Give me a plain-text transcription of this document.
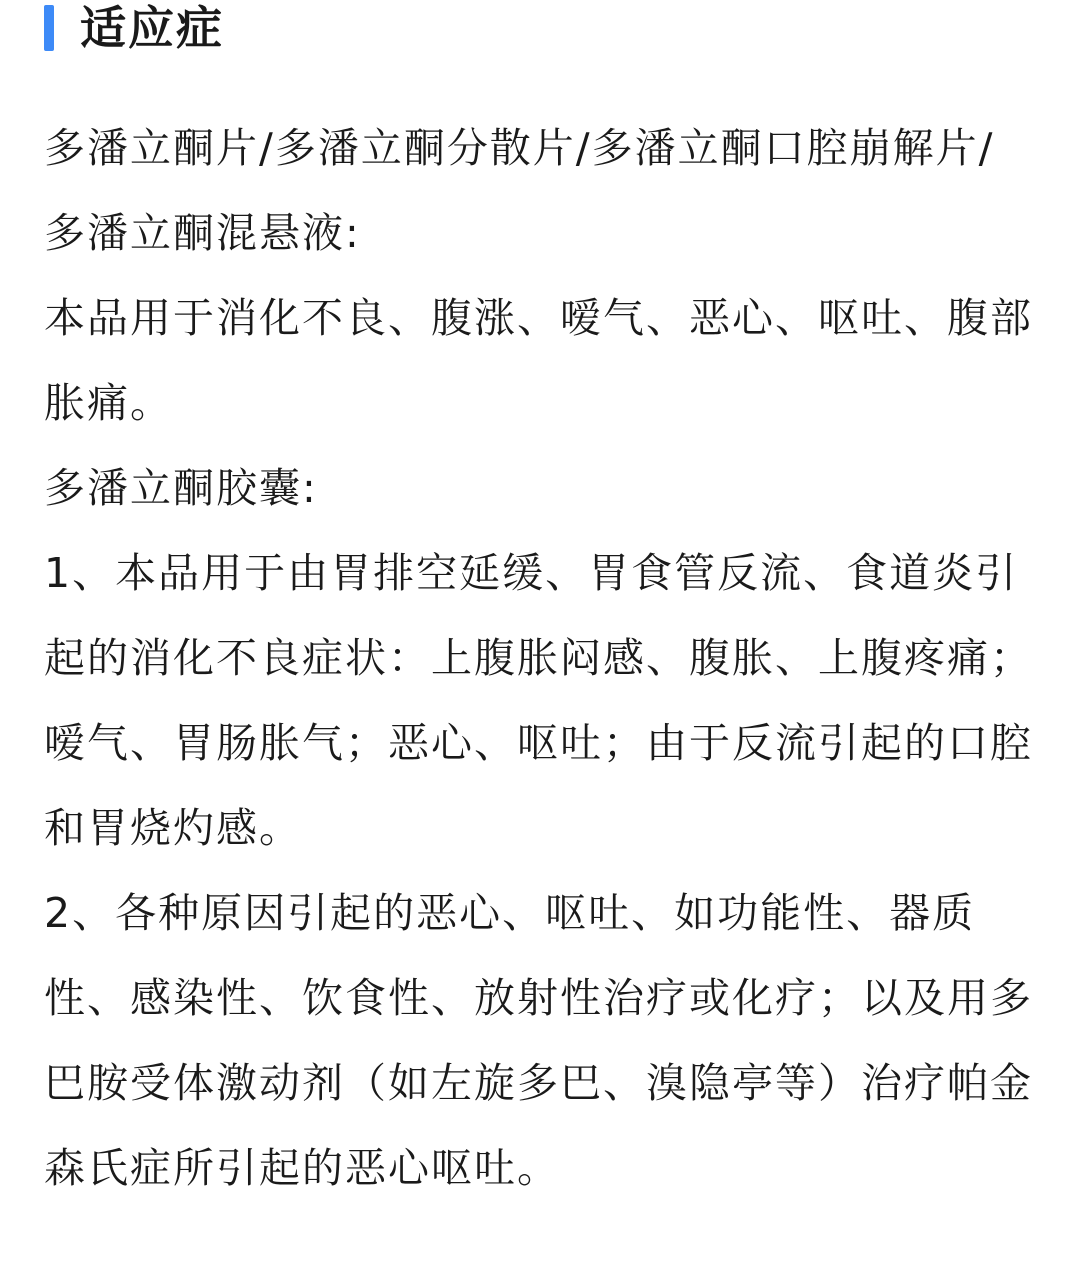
适应症

多潘立酮片/多潘立酮分散片/多潘立酮口腔崩解片/多潘立酮混悬液:

本品用于消化不良、腹涨、嗳气、恶心、呕吐、腹部胀痛。

多潘立酮胶囊:

1、本品用于由胃排空延缓、胃食管反流、食道炎引起的消化不良症状：上腹胀闷感、腹胀、上腹疼痛；嗳气、胃肠胀气；恶心、呕吐；由于反流引起的口腔和胃烧灼感。

2、各种原因引起的恶心、呕吐、如功能性、器质性、感染性、饮食性、放射性治疗或化疗；以及用多巴胺受体激动剂（如左旋多巴、溴隐亭等）治疗帕金森氏症所引起的恶心呕吐。
